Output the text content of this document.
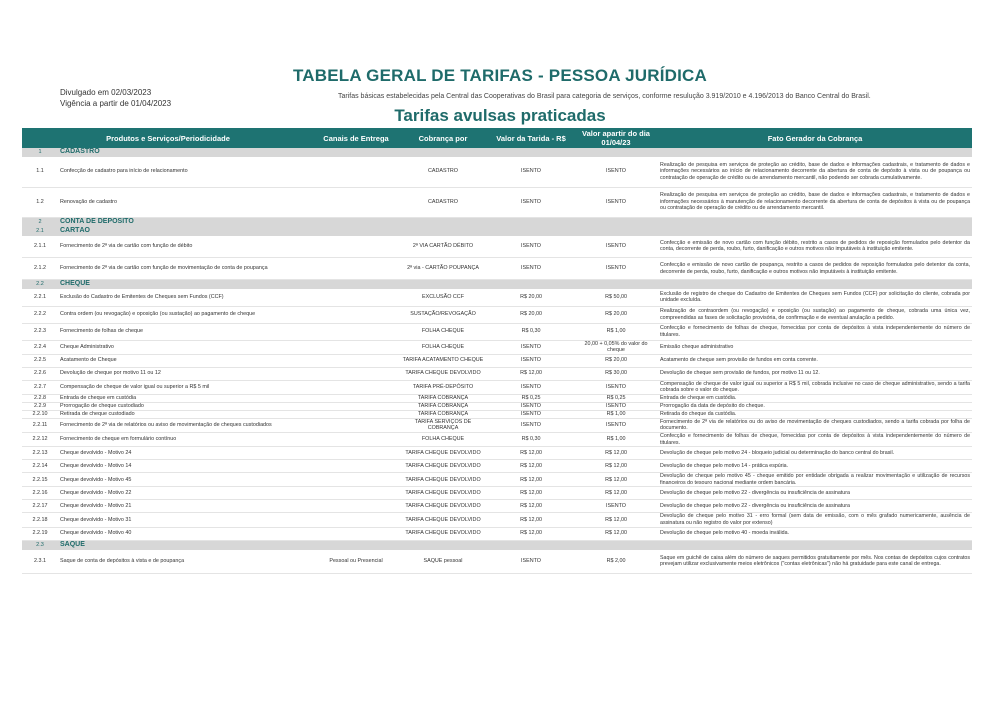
TABELA GERAL DE TARIFAS - PESSOA JURÍDICA
Divulgado em 02/03/2023
Vigência a partir de 01/04/2023
Tarifas básicas estabelecidas pela Central das Cooperativas do Brasil para categoria de serviços, conforme resulução 3.919/2010 e 4.196/2013 do Banco Central do Brasil.
Tarifas avulsas praticadas
Produtos e Serviços/Periodicidade		Canais de Entrega	Cobrança por	Valor da Tarida - R$	Valor apartir do dia 01/04/23	Fato Gerador da Cobrança
1	CADASTRO					
1.1	Confecção de cadastro para início de relacionamento		CADASTRO	ISENTO	ISENTO	Realização de pesquisa em serviços de proteção ao crédito, base de dados e informações cadastrais, e tratamento de dados e informações necessários ao início de relacionamento decorrente da abertura de conta de depósito à vista ou de poupança ou contratação de operação de crédito ou de arrendamento mercantil, não podendo ser cobrada cumulativamente.
1.2	Renovação de cadastro		CADASTRO	ISENTO	ISENTO	Realização de pesquisa em serviços de proteção ao crédito, base de dados e informações cadastrais, e tratamento de dados e informações necessários à manutenção de relacionamento decorrente da abertura de conta de depósitos à vista ou de poupança ou contratação de operação de crédito ou de arrendamento mercantil.
2	CONTA DE DEPÓSITO					
2.1	CARTÃO					
2.1.1	Fornecimento de 2ª via de cartão com função de débito		2ª VIA CARTÃO DÉBITO	ISENTO	ISENTO	Confecção e emissão de novo cartão com função débito, restrito a casos de pedidos de reposição formulados pelo detentor da conta, decorrente de perda, roubo, furto, danificação e outros motivos não imputáveis à instituição emitente.
2.1.2	Fornecimento de 2ª via de cartão com função de movimentação de conta de poupança		2ª via - CARTÃO POUPANÇA	ISENTO	ISENTO	Confecção e emissão de novo cartão de poupança, restrito a casos de pedidos de reposição formulados pelo detentor da conta, decorrente de perda, roubo, furto, danificação e outros motivos não imputáveis à instituição emitente.
2.2	CHEQUE					
2.2.1	Exclusão do Cadastro de Emitentes de Cheques sem Fundos (CCF)		EXCLUSÃO CCF	R$ 20,00	R$ 50,00	Exclusão de registro de cheque do Cadastro de Emitentes de Cheques sem Fundos (CCF) por solicitação do cliente, cobrada por unidade excluída.
2.2.2	Contra ordem (ou revogação) e oposição (ou sustação) ao pagamento de cheque		SUSTAÇÃO/REVOGAÇÃO	R$ 20,00	R$ 20,00	Realização de contraordem (ou revogação) e oposição (ou sustação) ao pagamento de cheque, cobrada uma única vez, compreendidas as fases de solicitação provisória, de confirmação e de eventual anulação a pedido.
2.2.3	Fornecimento de folhas de cheque		FOLHA CHEQUE	R$ 0,30	R$ 1,00	Confecção e fornecimento de folhas de cheque, fornecidas por conta de depósitos à vista independentemente do número de titulares.
2.2.4	Cheque Administrativo		FOLHA CHEQUE	ISENTO	20,00 + 0,05% do valor do cheque	Emissão cheque administrativo
2.2.5	Acatamento de Cheque		TARIFA ACATAMENTO CHEQUE	ISENTO	R$ 20,00	Acatamento de cheque sem provisão de fundos em conta corrente.
2.2.6	Devolução de cheque por motivo 11 ou 12		TARIFA CHEQUE DEVOLVIDO	R$ 12,00	R$ 30,00	Devolução de cheque sem provisão de fundos, por motivo 11 ou 12.
2.2.7	Compensação de cheque de valor igual ou superior a R$ 5 mil		TARIFA PRÉ-DEPÓSITO	ISENTO	ISENTO	Compensação de cheque de valor igual ou superior a R$ 5 mil, cobrada inclusive no caso de cheque administrativo, sendo a tarifa cobrada sobre o valor do cheque.
2.2.8	Entrada de cheque em custódia		TARIFA COBRANÇA	R$ 0,25	R$ 0,25	Entrada de cheque em custódia.
2.2.9	Prorrogação de cheque custodiado		TARIFA COBRANÇA	ISENTO	ISENTO	Prorrogação da data de depósito do cheque.
2.2.10	Retirada de cheque custodiado		TARIFA COBRANÇA	ISENTO	R$ 1,00	Retirada do cheque da custódia.
2.2.11	Fornecimento de 2ª via de relatórios ou aviso de movimentação de cheques custodiados		TARIFA SERVIÇOS DE COBRANÇA	ISENTO	ISENTO	Fornecimento de 2ª via de relatórios ou do aviso de movimentação de cheques custodiados, sendo a tarifa cobrada por folha de documento.
2.2.12	Fornecimento de cheque em formulário contínuo		FOLHA CHEQUE	R$ 0,30	R$ 1,00	Confecção e fornecimento de folhas de cheque, fornecidas por conta de depósitos à vista independentemente do número de titulares.
2.2.13	Cheque devolvido - Motivo 24		TARIFA CHEQUE DEVOLVIDO	R$ 12,00	R$ 12,00	Devolução de cheque pelo motivo 24 - bloqueio judicial ou determinação do banco central do brasil.
2.2.14	Cheque devolvido - Motivo 14		TARIFA CHEQUE DEVOLVIDO	R$ 12,00	R$ 12,00	Devolução de cheque pelo motivo 14 - prática espúria.
2.2.15	Cheque devolvido - Motivo 45		TARIFA CHEQUE DEVOLVIDO	R$ 12,00	R$ 12,00	Devolução de cheque pelo motivo 45 - cheque emitido por entidade obrigada a realizar movimentação e utilização de recursos financeiros do tesouro nacional mediante ordem bancária.
2.2.16	Cheque devolvido - Motivo 22		TARIFA CHEQUE DEVOLVIDO	R$ 12,00	R$ 12,00	Devolução de cheque pelo motivo 22 - divergência ou insuficiência de assinatura
2.2.17	Cheque devolvido - Motivo 21		TARIFA CHEQUE DEVOLVIDO	R$ 12,00	ISENTO	Devolução de cheque pelo motivo 22 - divergência ou insuficiência de assinatura
2.2.18	Cheque devolvido - Motivo 31		TARIFA CHEQUE DEVOLVIDO	R$ 12,00	R$ 12,00	Devolução de cheque pelo motivo 31 - erro formal (sem data de emissão, com o mês grafado numericamente, ausência de assinatura ou não registro do valor por extenso)
2.2.19	Cheque devolvido - Motivo 40		TARIFA CHEQUE DEVOLVIDO	R$ 12,00	R$ 12,00	Devolução de cheque pelo motivo 40 - moeda inválida.
2.3	SAQUE					
2.3.1	Saque de conta de depósitos à vista e de poupança	Pessoal ou Presencial	SAQUE pessoal	ISENTO	R$ 2,00	Saque em guichê de caixa além do número de saques permitidos gratuitamente por mês. Nos contas de depósitos cujos contratos prevejam utilizar exclusivamente meios eletrônicos ("contas eletrônicas") não há gratuidade para este canal de entrega.
